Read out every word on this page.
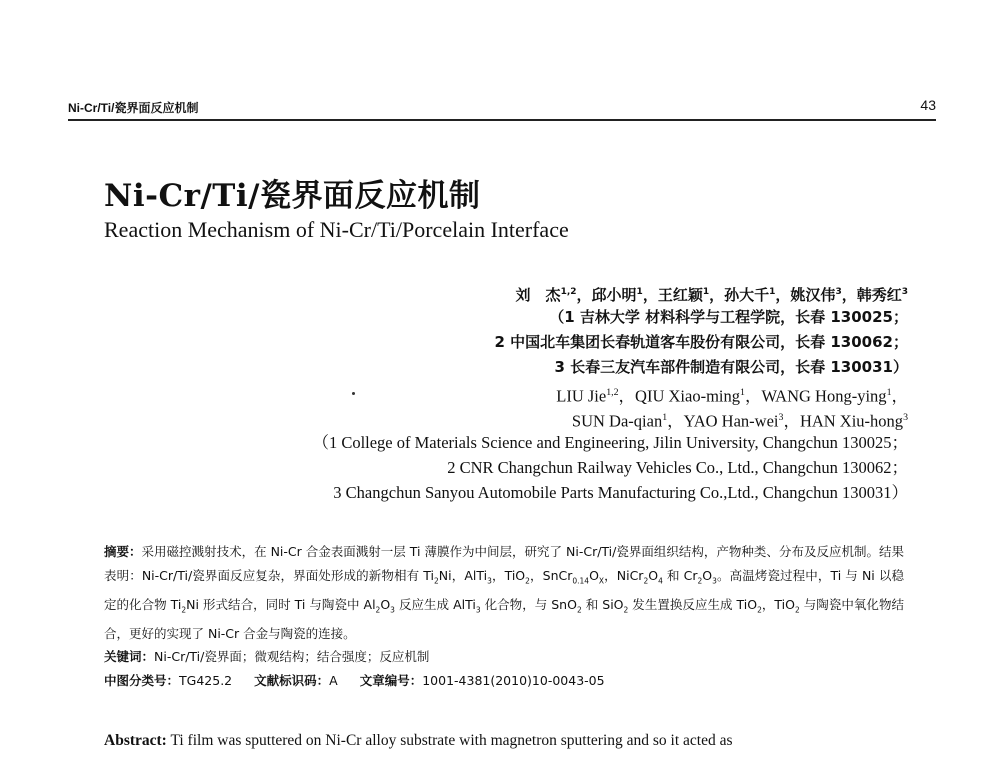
Ni-Cr/Ti/瓷界面反应机制	43
Ni-Cr/Ti/瓷界面反应机制
Reaction Mechanism of Ni-Cr/Ti/Porcelain Interface
刘　杰$^{1,2}$，邱小明$^1$，王红颖$^1$，孙大千$^1$，姚汉伟$^3$，韩秀红$^3$
（1 吉林大学 材料科学与工程学院，长春 130025；
2 中国北车集团长春轨道客车股份有限公司，长春 130062；
3 长春三友汽车部件制造有限公司，长春 130031）
LIU Jie$^{1,2}$，QIU Xiao-ming$^1$，WANG Hong-ying$^1$，
SUN Da-qian$^1$，YAO Han-wei$^3$，HAN Xiu-hong$^3$
（1 College of Materials Science and Engineering, Jilin University, Changchun 130025；
2 CNR Changchun Railway Vehicles Co., Ltd., Changchun 130062；
3 Changchun Sanyou Automobile Parts Manufacturing Co.,Ltd., Changchun 130031）
摘要：采用磁控溅射技术，在 Ni-Cr 合金表面溅射一层 Ti 薄膜作为中间层，研究了 Ni-Cr/Ti/瓷界面组织结构，产物种类、分布及反应机制。结果表明：Ni-Cr/Ti/瓷界面反应复杂，界面处形成的新物相有 $Ti_2Ni$，AlTi$_3$，TiO$_2$，$SnCr_{0.14}O_X$，$NiCr_2O_4$ 和 $Cr_2O_3$。高温烤瓷过程中，Ti 与 Ni 以稳定的化合物 $Ti_2Ni$ 形式结合，同时 Ti 与陶瓷中 $Al_2O_3$ 反应生成 AlTi$_3$ 化合物，与 SnO$_2$ 和 SiO$_2$ 发生置换反应生成 TiO$_2$，TiO$_2$ 与陶瓷中氧化物结合，更好的实现了 Ni-Cr 合金与陶瓷的连接。
关键词：Ni-Cr/Ti/瓷界面；微观结构；结合强度；反应机制
中图分类号：TG425.2 文献标识码：A 文章编号：1001-4381(2010)10-0043-05
Abstract: Ti film was sputtered on Ni-Cr alloy substrate with magnetron sputtering and so it acted as
